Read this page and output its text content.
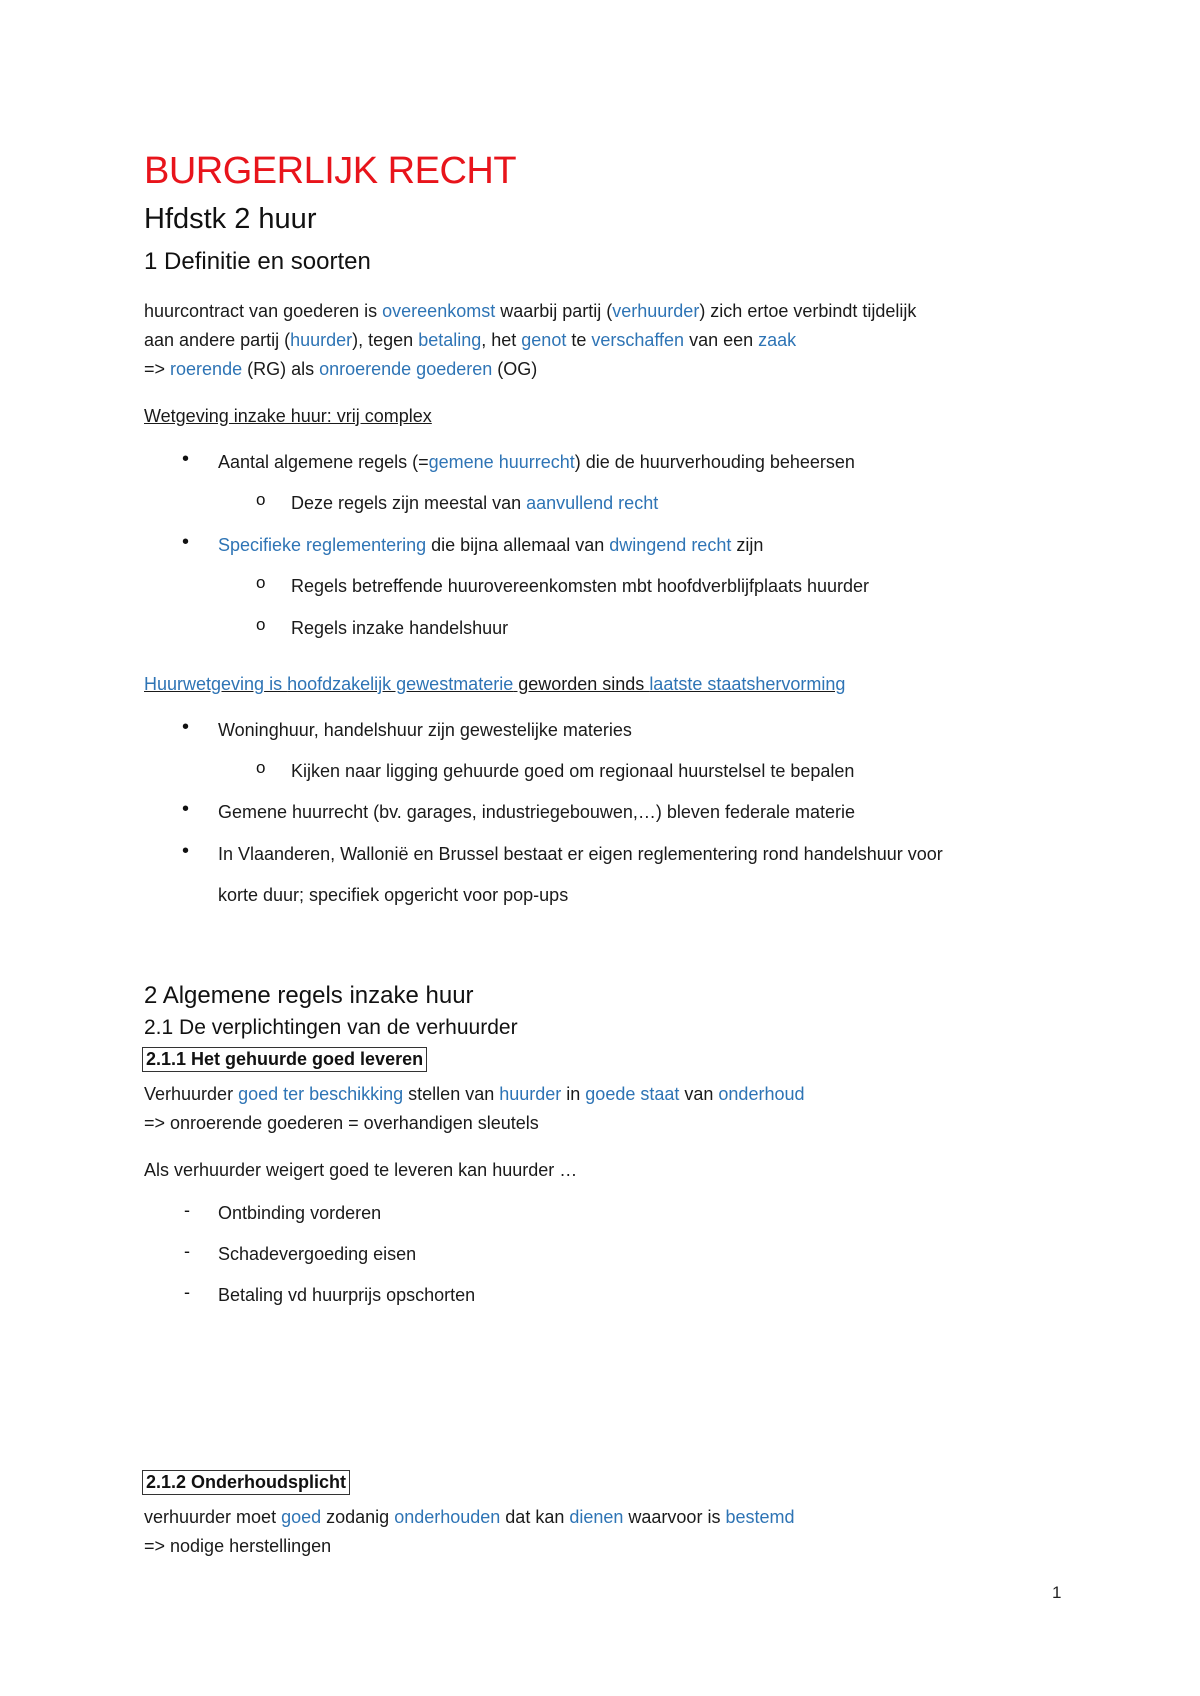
BURGERLIJK RECHT
Hfdstk 2 huur
1 Definitie en soorten
huurcontract van goederen is overeenkomst waarbij partij (verhuurder) zich ertoe verbindt tijdelijk
aan andere partij (huurder), tegen betaling, het genot te verschaffen van een zaak
=> roerende (RG) als onroerende goederen (OG)
Wetgeving inzake huur: vrij complex
• Aantal algemene regels (=gemene huurrecht) die de huurverhouding beheersen
o Deze regels zijn meestal van aanvullend recht
• Specifieke reglementering die bijna allemaal van dwingend recht zijn
o Regels betreffende huurovereenkomsten mbt hoofdverblijfplaats huurder
o Regels inzake handelshuur
Huurwetgeving is hoofdzakelijk gewestmaterie geworden sinds laatste staatshervorming
• Woninghuur, handelshuur zijn gewestelijke materies
o Kijken naar ligging gehuurde goed om regionaal huurstelsel te bepalen
• Gemene huurrecht (bv. garages, industriegebouwen,…) bleven federale materie
• In Vlaanderen, Wallonië en Brussel bestaat er eigen reglementering rond handelshuur voor
korte duur; specifiek opgericht voor pop-ups
2 Algemene regels inzake huur
2.1 De verplichtingen van de verhuurder
2.1.1 Het gehuurde goed leveren
Verhuurder goed ter beschikking stellen van huurder in goede staat van onderhoud
=> onroerende goederen = overhandigen sleutels
Als verhuurder weigert goed te leveren kan huurder …
- Ontbinding vorderen
- Schadevergoeding eisen
- Betaling vd huurprijs opschorten
2.1.2 Onderhoudsplicht
verhuurder moet goed zodanig onderhouden dat kan dienen waarvoor is bestemd
=> nodige herstellingen
1
